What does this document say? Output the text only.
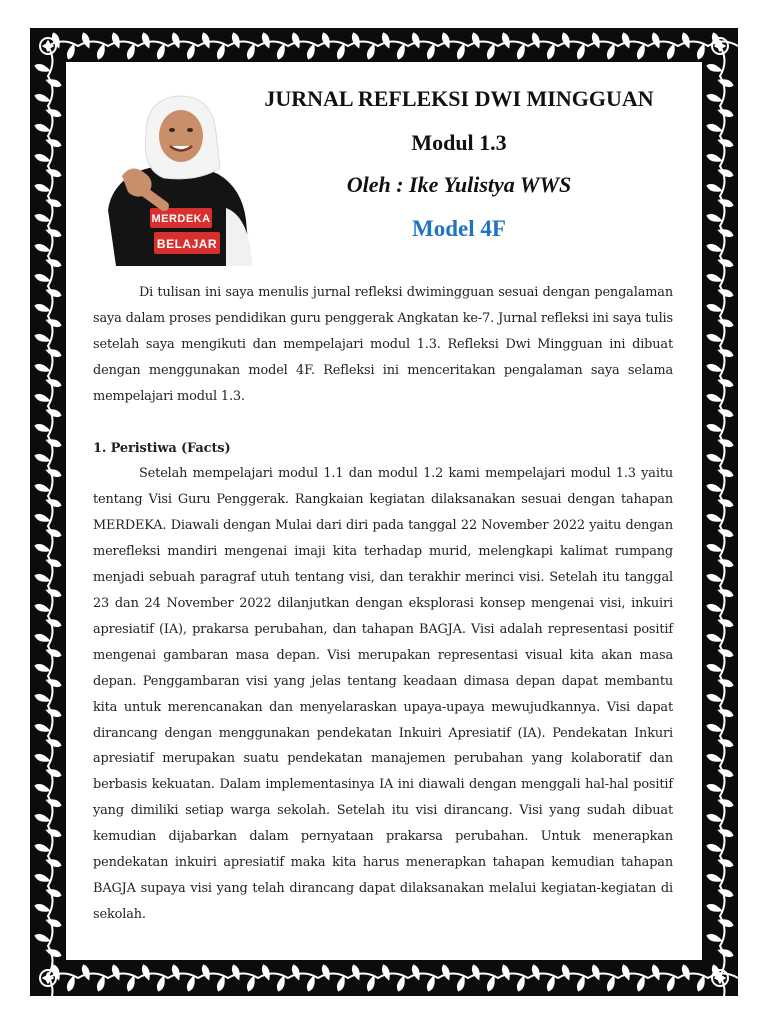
MERDEKA
BELAJAR
JURNAL REFLEKSI DWI MINGGUAN
Modul 1.3
Oleh : Ike Yulistya WWS
Model 4F

Di tulisan ini saya menulis jurnal refleksi dwimingguan sesuai dengan pengalaman saya dalam proses pendidikan guru penggerak Angkatan ke-7. Jurnal refleksi ini saya tulis setelah saya mengikuti dan mempelajari modul 1.3. Refleksi Dwi Mingguan ini dibuat dengan menggunakan model 4F. Refleksi ini menceritakan pengalaman saya selama mempelajari modul 1.3.

1. Peristiwa (Facts)

Setelah mempelajari modul 1.1 dan modul 1.2 kami mempelajari modul 1.3 yaitu tentang Visi Guru Penggerak. Rangkaian kegiatan dilaksanakan sesuai dengan tahapan MERDEKA. Diawali dengan Mulai dari diri pada tanggal 22 November 2022 yaitu dengan merefleksi mandiri mengenai imaji kita terhadap murid, melengkapi kalimat rumpang menjadi sebuah paragraf utuh tentang visi, dan terakhir merinci visi. Setelah itu tanggal 23 dan 24 November 2022 dilanjutkan dengan eksplorasi konsep mengenai visi, inkuiri apresiatif (IA), prakarsa perubahan, dan tahapan BAGJA. Visi adalah representasi positif mengenai gambaran masa depan. Visi merupakan representasi visual kita akan masa depan. Penggambaran visi yang jelas tentang keadaan dimasa depan dapat membantu kita untuk merencanakan dan menyelaraskan upaya-upaya mewujudkannya. Visi dapat dirancang dengan menggunakan pendekatan Inkuiri Apresiatif (IA). Pendekatan Inkuri apresiatif merupakan suatu pendekatan manajemen perubahan yang kolaboratif dan berbasis kekuatan. Dalam implementasinya IA ini diawali dengan menggali hal-hal positif yang dimiliki setiap warga sekolah. Setelah itu visi dirancang. Visi yang sudah dibuat kemudian dijabarkan dalam pernyataan prakarsa perubahan. Untuk menerapkan pendekatan inkuiri apresiatif maka kita harus menerapkan tahapan kemudian tahapan BAGJA supaya visi yang telah dirancang dapat dilaksanakan melalui kegiatan-kegiatan di sekolah.
